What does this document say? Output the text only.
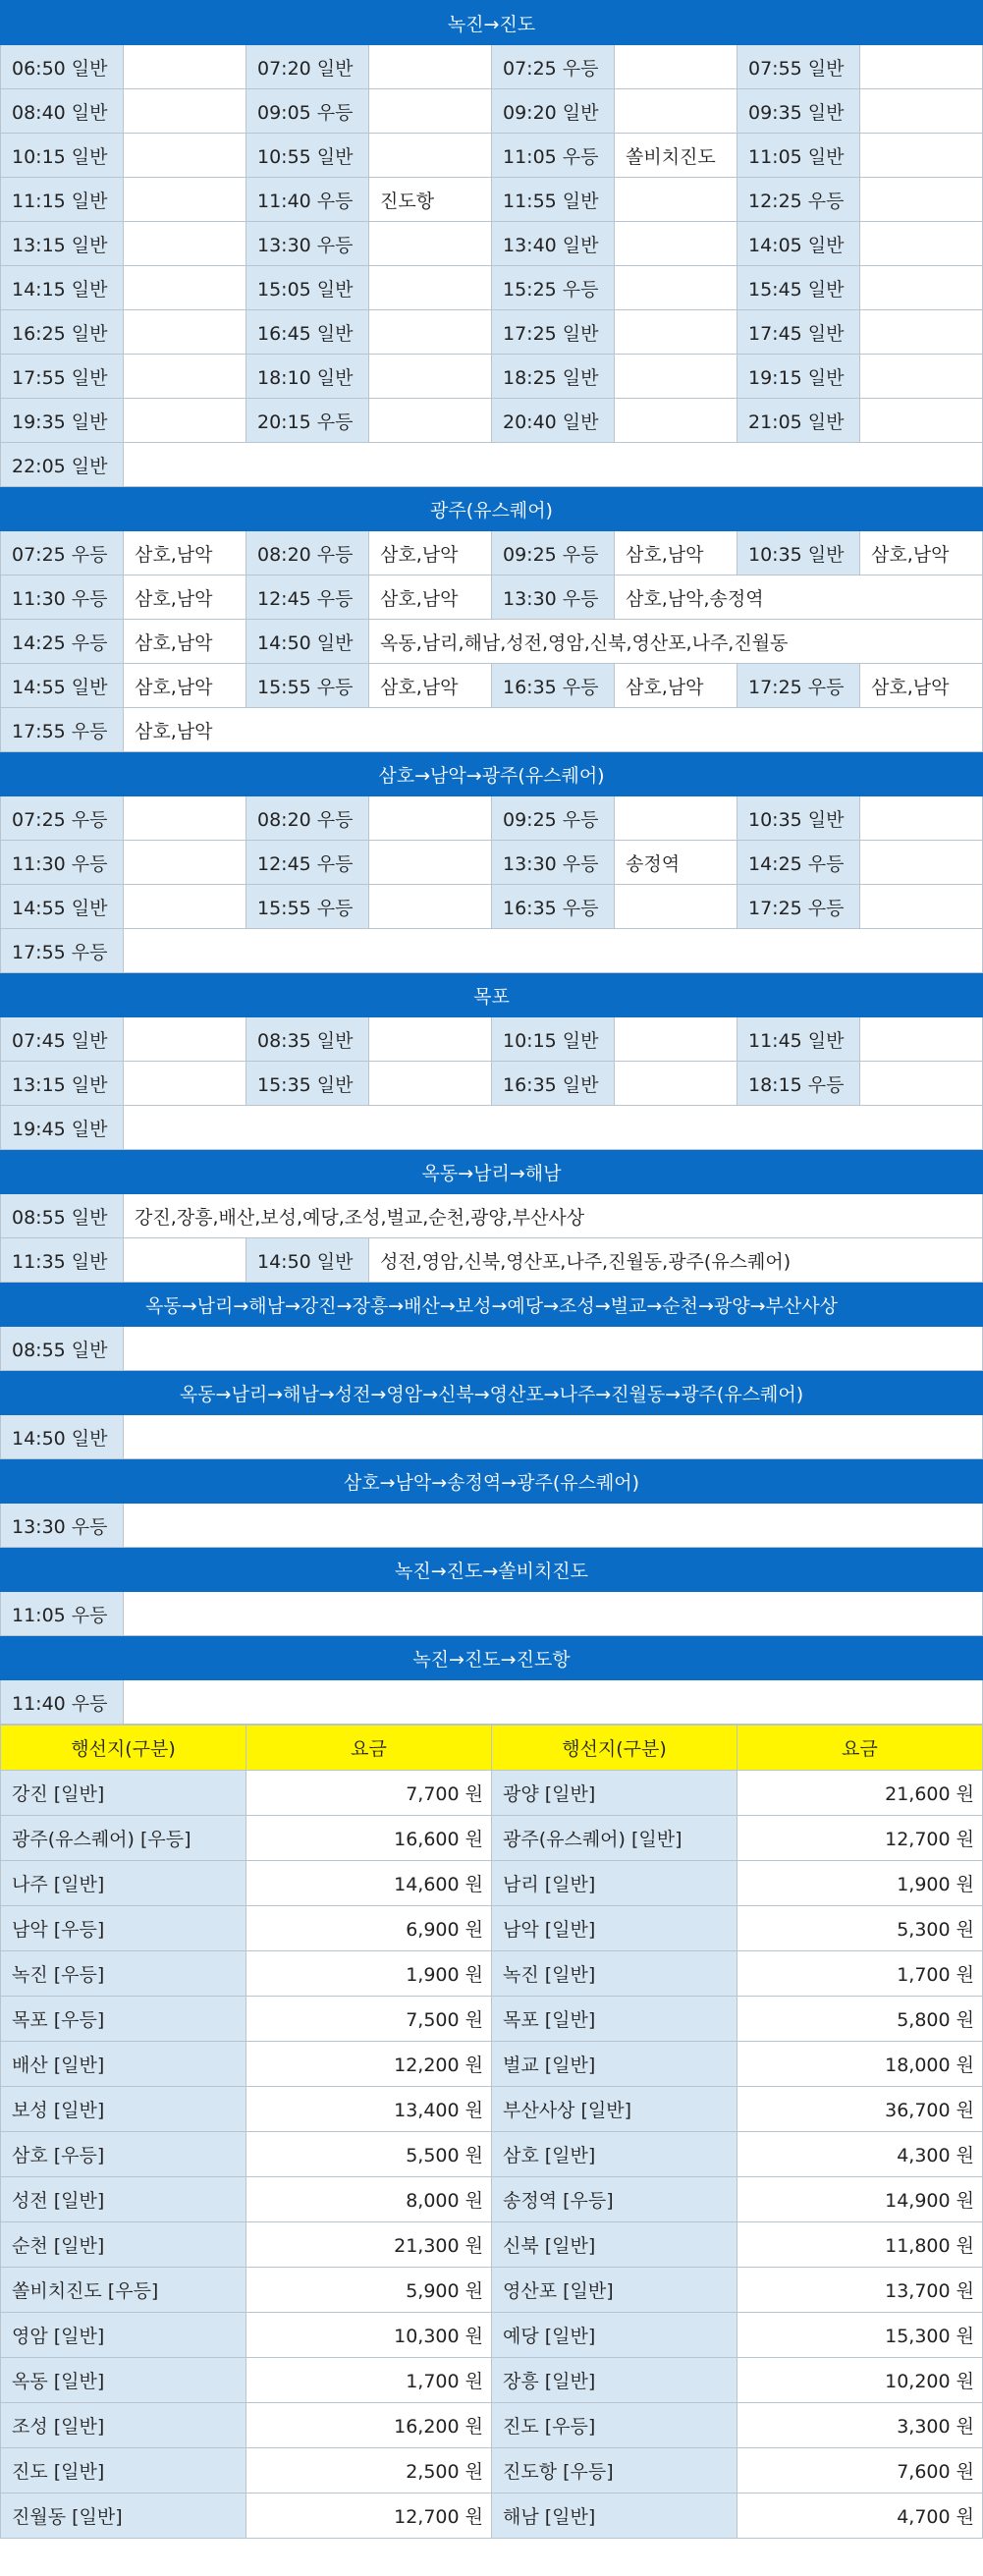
녹진→진도							
06:50 일반		07:20 일반		07:25 우등		07:55 일반	
08:40 일반		09:05 우등		09:20 일반		09:35 일반	
10:15 일반		10:55 일반		11:05 우등	쏠비치진도	11:05 일반	
11:15 일반		11:40 우등	진도항	11:55 일반		12:25 우등	
13:15 일반		13:30 우등		13:40 일반		14:05 일반	
14:15 일반		15:05 일반		15:25 우등		15:45 일반	
16:25 일반		16:45 일반		17:25 일반		17:45 일반	
17:55 일반		18:10 일반		18:25 일반		19:15 일반	
19:35 일반		20:15 우등		20:40 일반		21:05 일반	
22:05 일반							
광주(유스퀘어)							
07:25 우등	삼호,남악	08:20 우등	삼호,남악	09:25 우등	삼호,남악	10:35 일반	삼호,남악
11:30 우등	삼호,남악	12:45 우등	삼호,남악	13:30 우등	삼호,남악,송정역		
14:25 우등	삼호,남악	14:50 일반	옥동,남리,해남,성전,영암,신북,영산포,나주,진월동				
14:55 일반	삼호,남악	15:55 우등	삼호,남악	16:35 우등	삼호,남악	17:25 우등	삼호,남악
17:55 우등	삼호,남악						
삼호→남악→광주(유스퀘어)							
07:25 우등		08:20 우등		09:25 우등		10:35 일반	
11:30 우등		12:45 우등		13:30 우등	송정역	14:25 우등	
14:55 일반		15:55 우등		16:35 우등		17:25 우등	
17:55 우등							
목포							
07:45 일반		08:35 일반		10:15 일반		11:45 일반	
13:15 일반		15:35 일반		16:35 일반		18:15 우등	
19:45 일반							
옥동→남리→해남							
08:55 일반	강진,장흥,배산,보성,예당,조성,벌교,순천,광양,부산사상						
11:35 일반		14:50 일반	성전,영암,신북,영산포,나주,진월동,광주(유스퀘어)				
옥동→남리→해남→강진→장흥→배산→보성→예당→조성→벌교→순천→광양→부산사상							
08:55 일반							
옥동→남리→해남→성전→영암→신북→영산포→나주→진월동→광주(유스퀘어)							
14:50 일반							
삼호→남악→송정역→광주(유스퀘어)							
13:30 우등							
녹진→진도→쏠비치진도							
11:05 우등							
녹진→진도→진도항							
11:40 우등							
행선지(구분)	요금	행선지(구분)	요금
강진 [일반]	7,700 원	광양 [일반]	21,600 원
광주(유스퀘어) [우등]	16,600 원	광주(유스퀘어) [일반]	12,700 원
나주 [일반]	14,600 원	남리 [일반]	1,900 원
남악 [우등]	6,900 원	남악 [일반]	5,300 원
녹진 [우등]	1,900 원	녹진 [일반]	1,700 원
목포 [우등]	7,500 원	목포 [일반]	5,800 원
배산 [일반]	12,200 원	벌교 [일반]	18,000 원
보성 [일반]	13,400 원	부산사상 [일반]	36,700 원
삼호 [우등]	5,500 원	삼호 [일반]	4,300 원
성전 [일반]	8,000 원	송정역 [우등]	14,900 원
순천 [일반]	21,300 원	신북 [일반]	11,800 원
쏠비치진도 [우등]	5,900 원	영산포 [일반]	13,700 원
영암 [일반]	10,300 원	예당 [일반]	15,300 원
옥동 [일반]	1,700 원	장흥 [일반]	10,200 원
조성 [일반]	16,200 원	진도 [우등]	3,300 원
진도 [일반]	2,500 원	진도항 [우등]	7,600 원
진월동 [일반]	12,700 원	해남 [일반]	4,700 원
